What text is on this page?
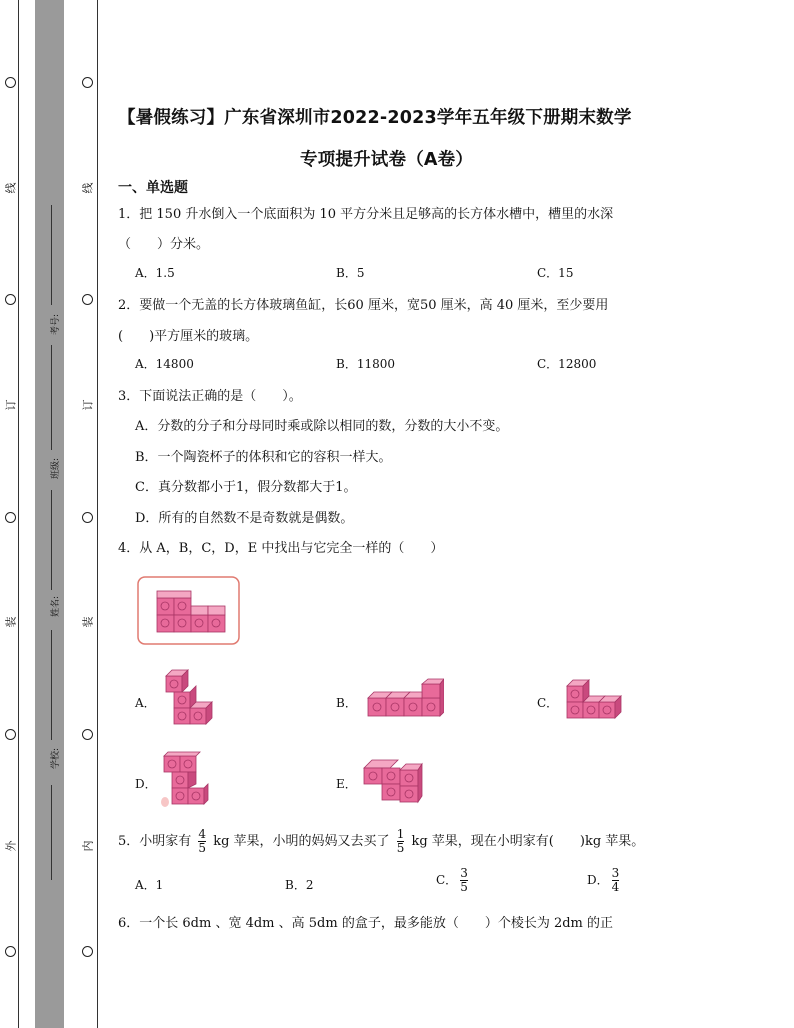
线
订
装
外
线
订
装
内
考号:
班级:
姓名:
学校:
【暑假练习】广东省深圳市2022-2023学年五年级下册期末数学
专项提升试卷（A卷）
一、单选题
1．把 150 升水倒入一个底面积为 10 平方分米且足够高的长方体水槽中，槽里的水深
（　　）分米。
A．1.5	B．5	C．15
2．要做一个无盖的长方体玻璃鱼缸，长60 厘米，宽50 厘米，高 40 厘米，至少要用
(　　)平方厘米的玻璃。
A．14800	B．11800	C．12800
3．下面说法正确的是（　　）。
A．分数的分子和分母同时乘或除以相同的数，分数的大小不变。
B．一个陶瓷杯子的体积和它的容积一样大。
C．真分数都小于1，假分数都大于1。
D．所有的自然数不是奇数就是偶数。
4．从 A，B，C，D，E 中找出与它完全一样的（　　）
A．	B．	C．
D．	E．
5．小明家有 $\frac{4}{5}$ kg 苹果，小明的妈妈又去买了 $\frac{1}{5}$ kg 苹果，现在小明家有(　　)kg 苹果。
A．1	B．2	C． $\frac{3}{5}$	D． $\frac{3}{4}$
6．一个长 6dm 、宽 4dm 、高 5dm 的盒子，最多能放（　　）个棱长为 2dm 的正
